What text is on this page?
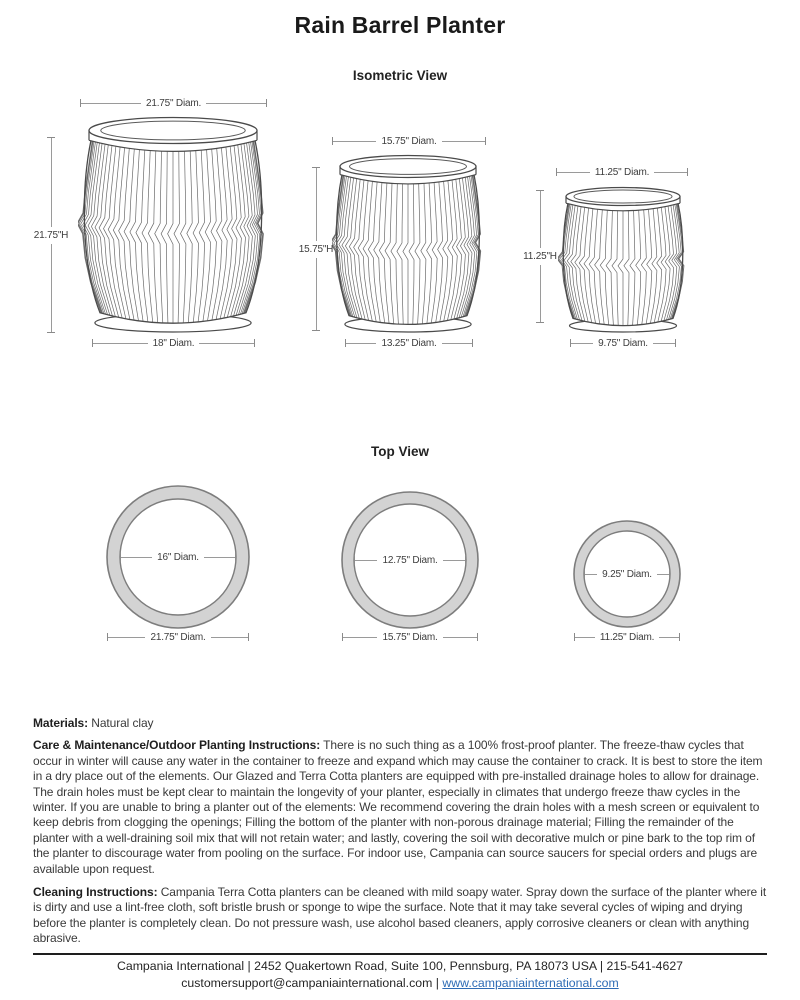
Rain Barrel Planter
Isometric View
21.75" Diam.
21.75"H
18" Diam.
15.75" Diam.
15.75"H
13.25" Diam.
11.25" Diam.
11.25"H
9.75" Diam.
Top View
16" Diam.
21.75" Diam.
12.75" Diam.
15.75" Diam.
9.25" Diam.
11.25" Diam.

Materials: Natural clay

Care & Maintenance/Outdoor Planting Instructions: There is no such thing as a 100% frost-proof planter. The freeze-thaw cycles that occur in winter will cause any water in the container to freeze and expand which may cause the container to crack. It is best to store the item in a dry place out of the elements. Our Glazed and Terra Cotta planters are equipped with pre-installed drainage holes to allow for drainage. The drain holes must be kept clear to maintain the longevity of your planter, especially in climates that undergo freeze thaw cycles in the winter. If you are unable to bring a planter out of the elements: We recommend covering the drain holes with a mesh screen or equivalent to keep debris from clogging the openings; Filling the bottom of the planter with non-porous drainage material; Filling the remainder of the planter with a well-draining soil mix that will not retain water; and lastly, covering the soil with decorative mulch or pine bark to the top rim of the planter to discourage water from pooling on the surface. For indoor use, Campania can source saucers for special orders and plugs are available upon request.

Cleaning Instructions: Campania Terra Cotta planters can be cleaned with mild soapy water. Spray down the surface of the planter where it is dirty and use a lint-free cloth, soft bristle brush or sponge to wipe the surface. Note that it may take several cycles of wiping and drying before the planter is completely clean. Do not pressure wash, use alcohol based cleaners, apply corrosive cleaners or clean with anything abrasive.

Campania International | 2452 Quakertown Road, Suite 100, Pennsburg, PA 18073 USA | 215-541-4627
customersupport@campaniainternational.com | www.campaniainternational.com
